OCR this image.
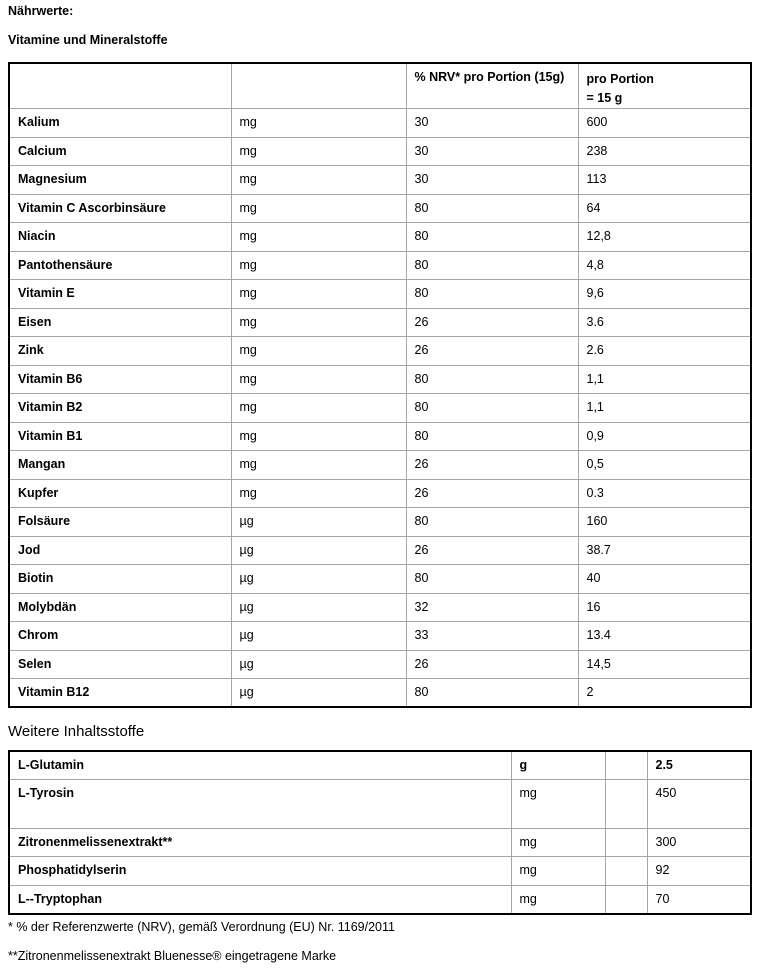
Nährwerte:

Vitamine und Mineralstoffe

		% NRV* pro Portion (15g)	pro Portion
= 15 g

Kalium	mg	30	600
Calcium	mg	30	238
Magnesium	mg	30	113
Vitamin C Ascorbinsäure	mg	80	64
Niacin	mg	80	12,8
Pantothensäure	mg	80	4,8
Vitamin E	mg	80	9,6
Eisen	mg	26	3.6
Zink	mg	26	2.6
Vitamin B6	mg	80	1,1
Vitamin B2	mg	80	1,1
Vitamin B1	mg	80	0,9
Mangan	mg	26	0,5
Kupfer	mg	26	0.3
Folsäure	µg	80	160
Jod	µg	26	38.7
Biotin	µg	80	40
Molybdän	µg	32	16
Chrom	µg	33	13.4
Selen	µg	26	14,5
Vitamin B12	µg	80	2

Weitere Inhaltsstoffe

L-Glutamin	g		2.5
L-Tyrosin	mg		450
Zitronenmelissenextrakt**	mg		300
Phosphatidylserin	mg		92
L--Tryptophan	mg		70

* % der Referenzwerte (NRV), gemäß Verordnung (EU) Nr. 1169/2011

**Zitronenmelissenextrakt Bluenesse® eingetragene Marke
